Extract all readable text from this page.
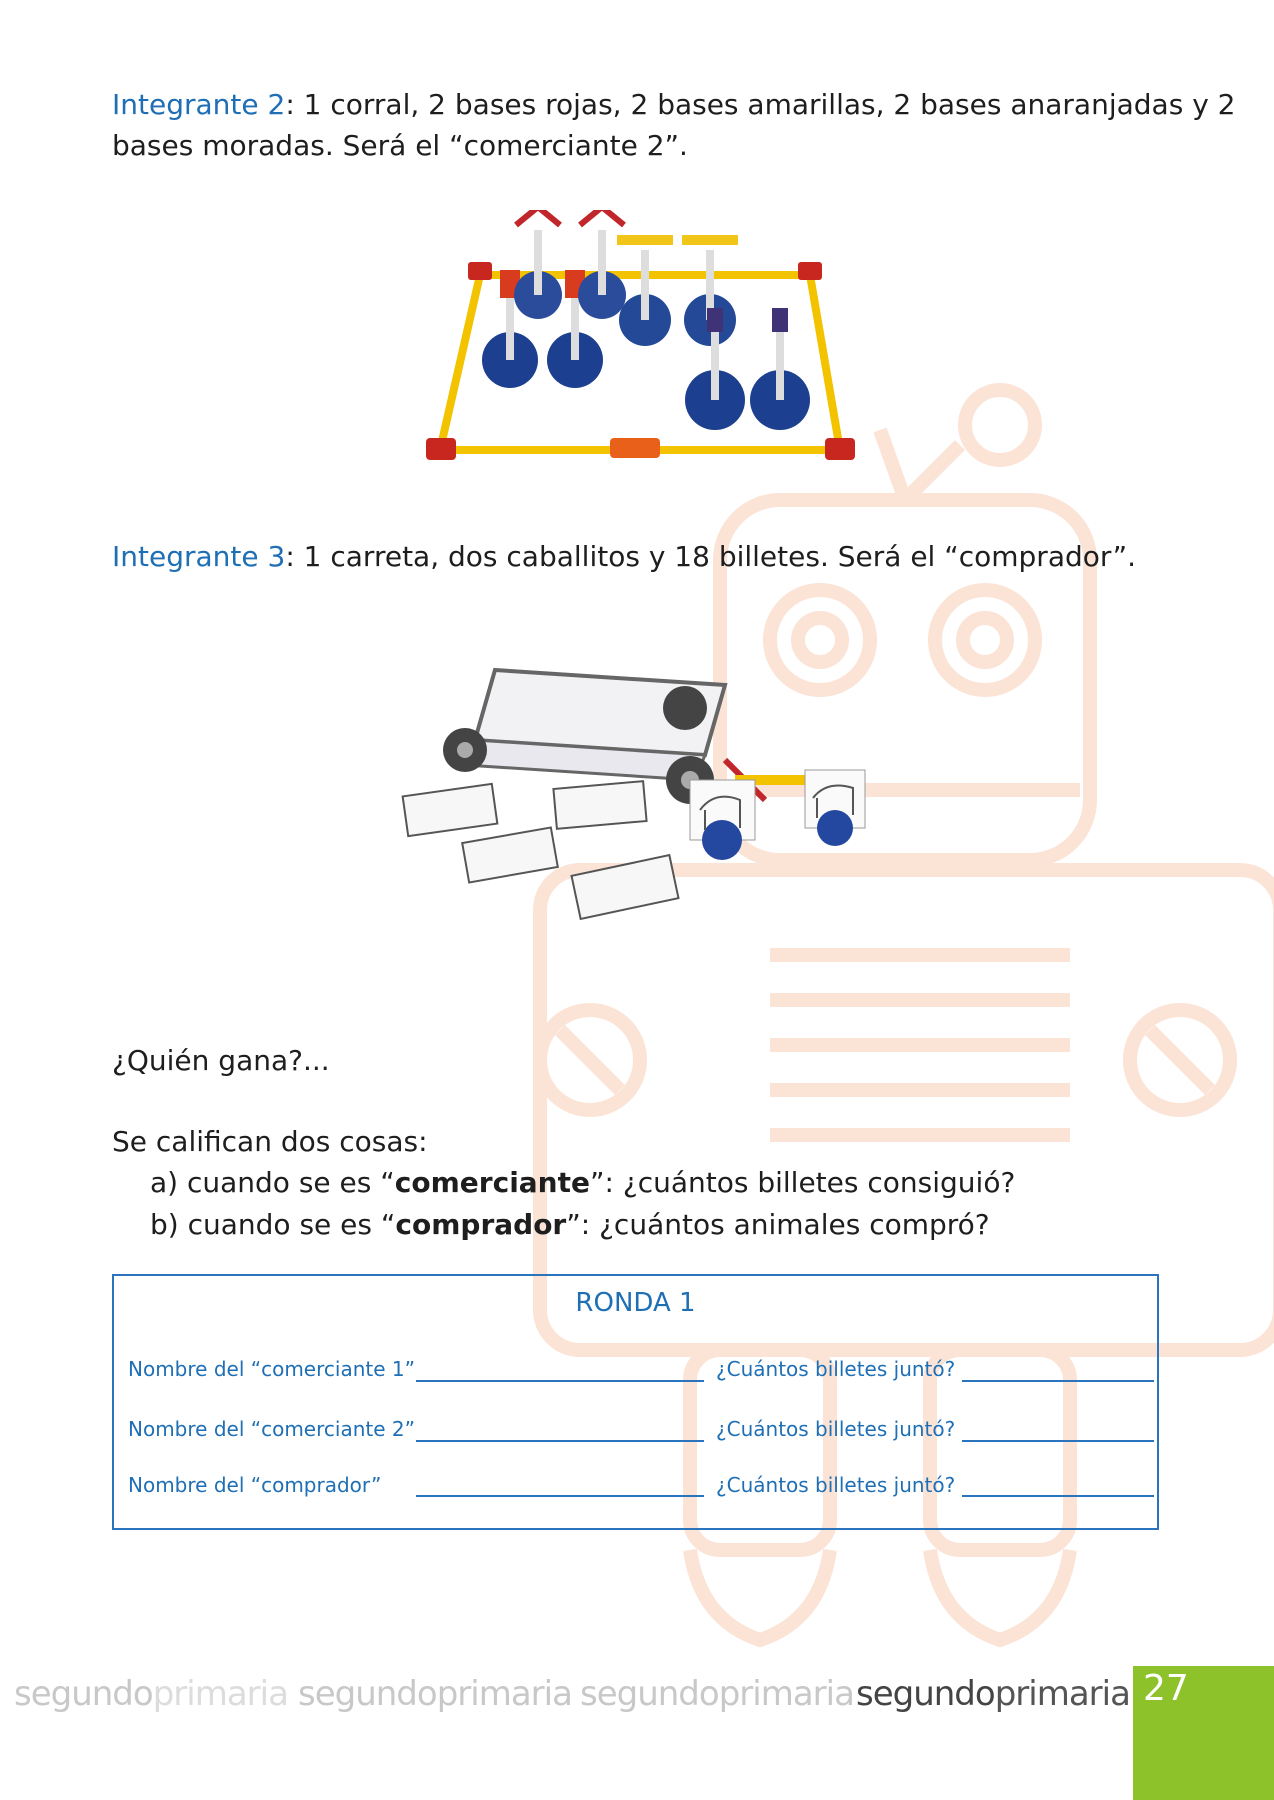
Integrante 2: 1 corral, 2 bases rojas, 2 bases amarillas, 2 bases anaranjadas y 2
bases moradas. Será el “comerciante 2”.
Integrante 3: 1 carreta, dos caballitos y 18 billetes. Será el “comprador”.
¿Quién gana?...
Se califican dos cosas:
a) cuando se es “comerciante”: ¿cuántos billetes consiguió?
b) cuando se es “comprador”: ¿cuántos animales compró?
RONDA 1
Nombre del “comerciante 1”	¿Cuántos billetes juntó?
Nombre del “comerciante 2”	¿Cuántos billetes juntó?
Nombre del “comprador”	¿Cuántos billetes juntó?
segundoprimaria segundoprimaria segundoprimaria segundoprimaria 27
